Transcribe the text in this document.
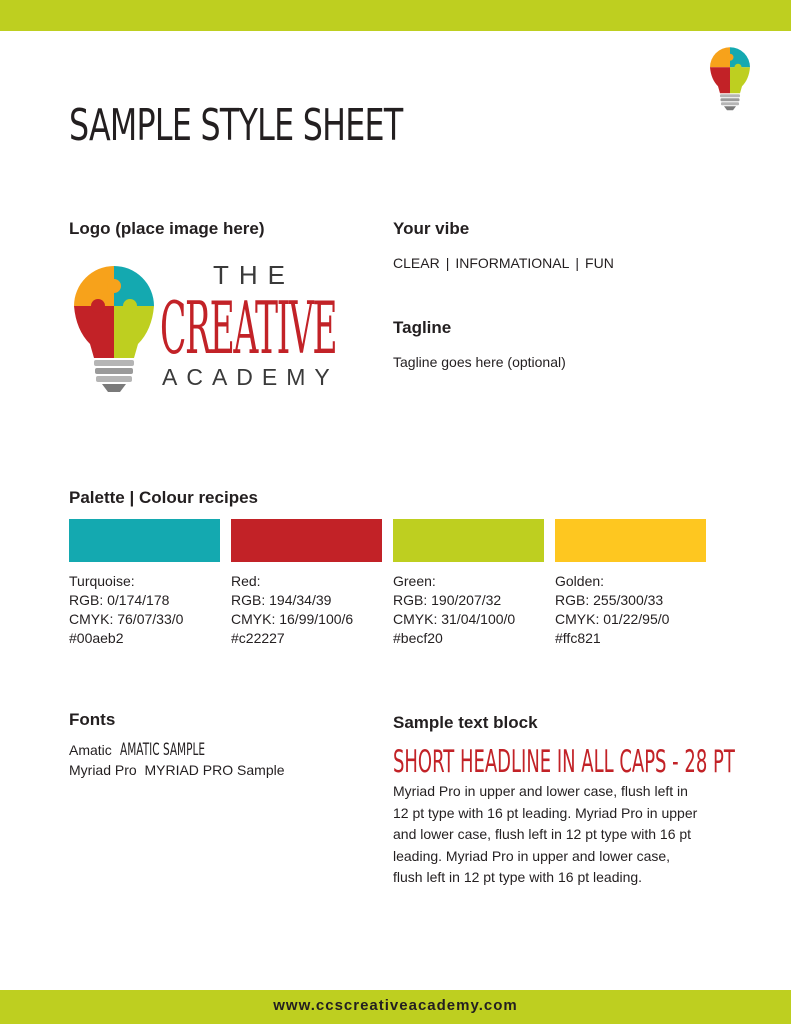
SAMPLE STYLE SHEET
Logo (place image here)
THE
CREATIVE
ACADEMY
Your vibe
CLEAR | INFORMATIONAL | FUN
Tagline
Tagline goes here (optional)
Palette | Colour recipes
Turquoise:
RGB: 0/174/178
CMYK: 76/07/33/0
#00aeb2
Red:
RGB: 194/34/39
CMYK: 16/99/100/6
#c22227
Green:
RGB: 190/207/32
CMYK: 31/04/100/0
#becf20
Golden:
RGB: 255/300/33
CMYK: 01/22/95/0
#ffc821
Fonts
Amatic AMATIC SAMPLE
Myriad Pro MYRIAD PRO Sample
Sample text block
SHORT HEADLINE IN ALL CAPS - 28 PT

Myriad Pro in upper and lower case, flush left in 12 pt type with 16 pt leading. Myriad Pro in upper and lower case, flush left in 12 pt type with 16 pt leading. Myriad Pro in upper and lower case, flush left in 12 pt type with 16 pt leading.

www.ccscreativeacademy.com
